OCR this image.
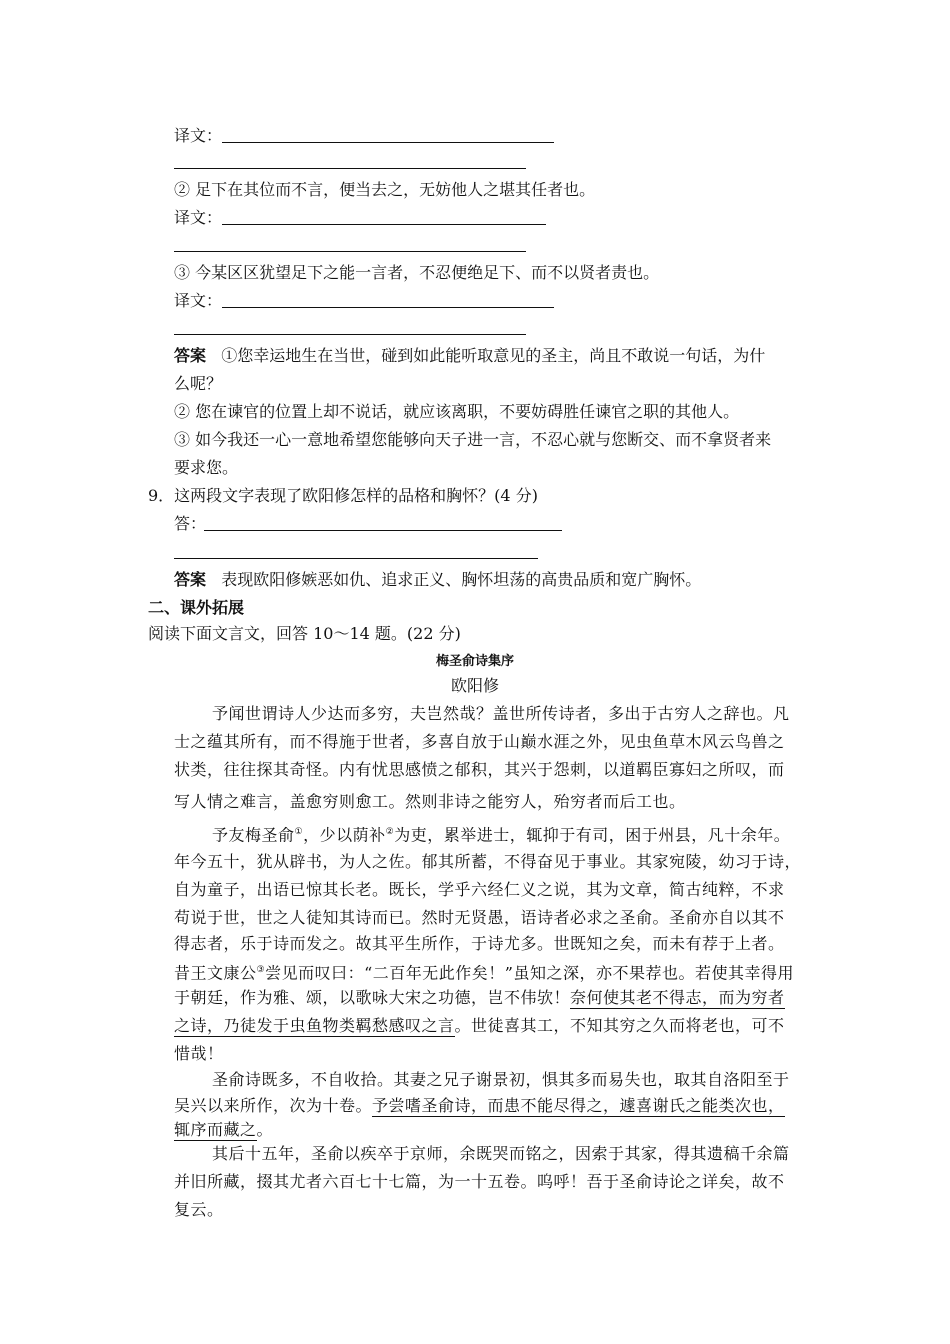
译文：
② 足下在其位而不言，便当去之，无妨他人之堪其任者也。
译文：
③ 今某区区犹望足下之能一言者，不忍便绝足下、而不以贤者责也。
译文：
答案 ①您幸运地生在当世，碰到如此能听取意见的圣主，尚且不敢说一句话，为什
么呢？
② 您在谏官的位置上却不说话，就应该离职，不要妨碍胜任谏官之职的其他人。
③ 如今我还一心一意地希望您能够向天子进一言，不忍心就与您断交、而不拿贤者来
要求您。
9．这两段文字表现了欧阳修怎样的品格和胸怀？(4 分)
答：
答案 表现欧阳修嫉恶如仇、追求正义、胸怀坦荡的高贵品质和宽广胸怀。
二、课外拓展
阅读下面文言文，回答 10～14 题。(22 分)
梅圣俞诗集序
欧阳修
予闻世谓诗人少达而多穷，夫岂然哉？盖世所传诗者，多出于古穷人之辞也。凡
士之蕴其所有，而不得施于世者，多喜自放于山巅水涯之外，见虫鱼草木风云鸟兽之
状类，往往探其奇怪。内有忧思感愤之郁积，其兴于怨刺，以道羁臣寡妇之所叹，而
写人情之难言，盖愈穷则愈工。然则非诗之能穷人，殆穷者而后工也。
予友梅圣俞①，少以荫补②为吏，累举进士，辄抑于有司，困于州县，凡十余年。
年今五十，犹从辟书，为人之佐。郁其所蓄，不得奋见于事业。其家宛陵，幼习于诗，
自为童子，出语已惊其长老。既长，学乎六经仁义之说，其为文章，简古纯粹，不求
苟说于世，世之人徒知其诗而已。然时无贤愚，语诗者必求之圣俞。圣俞亦自以其不
得志者，乐于诗而发之。故其平生所作，于诗尤多。世既知之矣，而未有荐于上者。
昔王文康公③尝见而叹曰：“二百年无此作矣！”虽知之深，亦不果荐也。若使其幸得用
于朝廷，作为雅、颂，以歌咏大宋之功德，岂不伟欤！奈何使其老不得志，而为穷者
之诗，乃徒发于虫鱼物类羁愁感叹之言。世徒喜其工，不知其穷之久而将老也，可不
惜哉！
圣俞诗既多，不自收拾。其妻之兄子谢景初，惧其多而易失也，取其自洛阳至于
吴兴以来所作，次为十卷。予尝嗜圣俞诗，而患不能尽得之，遽喜谢氏之能类次也，
辄序而藏之。
其后十五年，圣俞以疾卒于京师，余既哭而铭之，因索于其家，得其遗稿千余篇
并旧所藏，掇其尤者六百七十七篇，为一十五卷。呜呼！吾于圣俞诗论之详矣，故不
复云。
